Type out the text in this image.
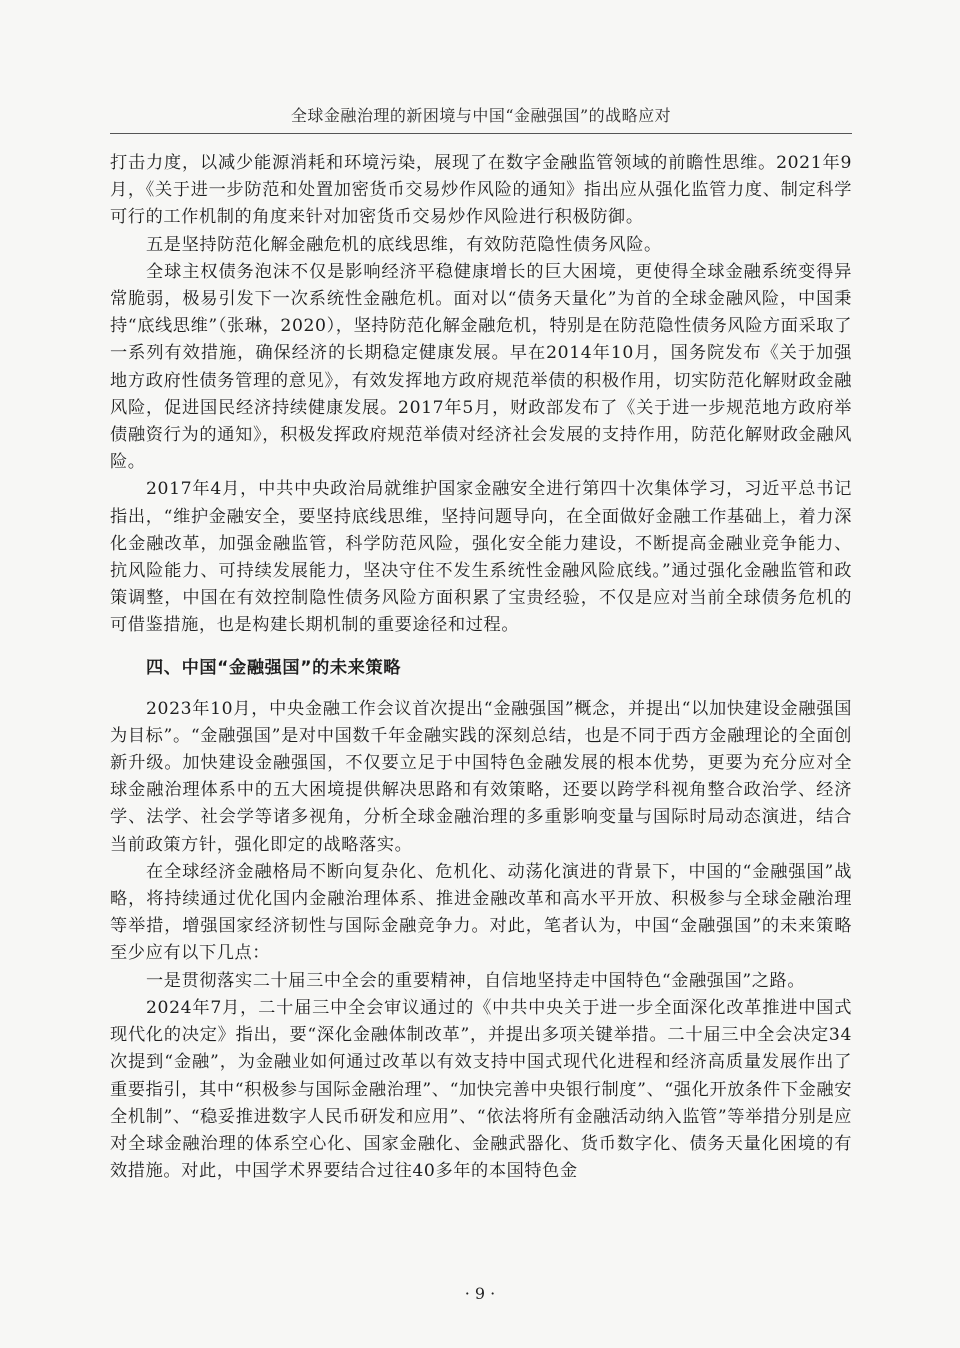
全球金融治理的新困境与中国“金融强国”的战略应对

打击力度，以减少能源消耗和环境污染，展现了在数字金融监管领域的前瞻性思维。2021年9月，《关于进一步防范和处置加密货币交易炒作风险的通知》指出应从强化监管力度、制定科学可行的工作机制的角度来针对加密货币交易炒作风险进行积极防御。

五是坚持防范化解金融危机的底线思维，有效防范隐性债务风险。

全球主权债务泡沫不仅是影响经济平稳健康增长的巨大困境，更使得全球金融系统变得异常脆弱，极易引发下一次系统性金融危机。面对以“债务天量化”为首的全球金融风险，中国秉持“底线思维”（张琳，2020），坚持防范化解金融危机，特别是在防范隐性债务风险方面采取了一系列有效措施，确保经济的长期稳定健康发展。早在2014年10月，国务院发布《关于加强地方政府性债务管理的意见》，有效发挥地方政府规范举债的积极作用，切实防范化解财政金融风险，促进国民经济持续健康发展。2017年5月，财政部发布了《关于进一步规范地方政府举债融资行为的通知》，积极发挥政府规范举债对经济社会发展的支持作用，防范化解财政金融风险。

2017年4月，中共中央政治局就维护国家金融安全进行第四十次集体学习，习近平总书记指出，“维护金融安全，要坚持底线思维，坚持问题导向，在全面做好金融工作基础上，着力深化金融改革，加强金融监管，科学防范风险，强化安全能力建设，不断提高金融业竞争能力、抗风险能力、可持续发展能力，坚决守住不发生系统性金融风险底线。”通过强化金融监管和政策调整，中国在有效控制隐性债务风险方面积累了宝贵经验，不仅是应对当前全球债务危机的可借鉴措施，也是构建长期机制的重要途径和过程。

四、中国“金融强国”的未来策略

2023年10月，中央金融工作会议首次提出“金融强国”概念，并提出“以加快建设金融强国为目标”。“金融强国”是对中国数千年金融实践的深刻总结，也是不同于西方金融理论的全面创新升级。加快建设金融强国，不仅要立足于中国特色金融发展的根本优势，更要为充分应对全球金融治理体系中的五大困境提供解决思路和有效策略，还要以跨学科视角整合政治学、经济学、法学、社会学等诸多视角，分析全球金融治理的多重影响变量与国际时局动态演进，结合当前政策方针，强化即定的战略落实。

在全球经济金融格局不断向复杂化、危机化、动荡化演进的背景下，中国的“金融强国”战略，将持续通过优化国内金融治理体系、推进金融改革和高水平开放、积极参与全球金融治理等举措，增强国家经济韧性与国际金融竞争力。对此，笔者认为，中国“金融强国”的未来策略至少应有以下几点：

一是贯彻落实二十届三中全会的重要精神，自信地坚持走中国特色“金融强国”之路。

2024年7月，二十届三中全会审议通过的《中共中央关于进一步全面深化改革推进中国式现代化的决定》指出，要“深化金融体制改革”，并提出多项关键举措。二十届三中全会决定34次提到“金融”，为金融业如何通过改革以有效支持中国式现代化进程和经济高质量发展作出了重要指引，其中“积极参与国际金融治理”、“加快完善中央银行制度”、“强化开放条件下金融安全机制”、“稳妥推进数字人民币研发和应用”、“依法将所有金融活动纳入监管”等举措分别是应对全球金融治理的体系空心化、国家金融化、金融武器化、货币数字化、债务天量化困境的有效措施。对此，中国学术界要结合过往40多年的本国特色金

· 9 ·
